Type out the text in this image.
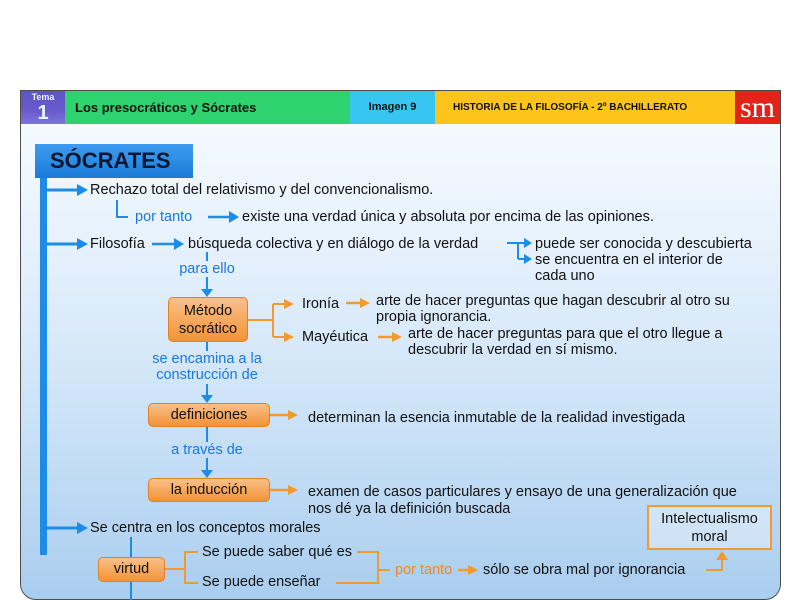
Tema
1	Los presocráticos y Sócrates	Imagen 9	HISTORIA DE LA FILOSOFÍA - 2º BACHILLERATO	sm
SÓCRATES
Rechazo total del relativismo y del convencionalismo.
por tanto	existe una verdad única y absoluta por encima de las opiniones.
Filosofía	búsqueda colectiva y en diálogo de la verdad	puede ser conocida y descubierta
se encuentra en el interior de
cada uno
para ello
Método
socrático
Ironía	arte de hacer preguntas que hagan descubrir al otro su
propia ignorancia.
Mayéutica	arte de hacer preguntas para que el otro llegue a
descubrir la verdad en sí mismo.
se encamina a la
construcción de
definiciones	determinan la esencia inmutable de la realidad investigada
a través de
la inducción	examen de casos particulares y ensayo de una generalización que
nos dé ya la definición buscada
Intelectualismo
moral
Se centra en los conceptos morales
virtud
Se puede saber qué es
Se puede enseñar
por tanto sólo se obra mal por ignorancia
